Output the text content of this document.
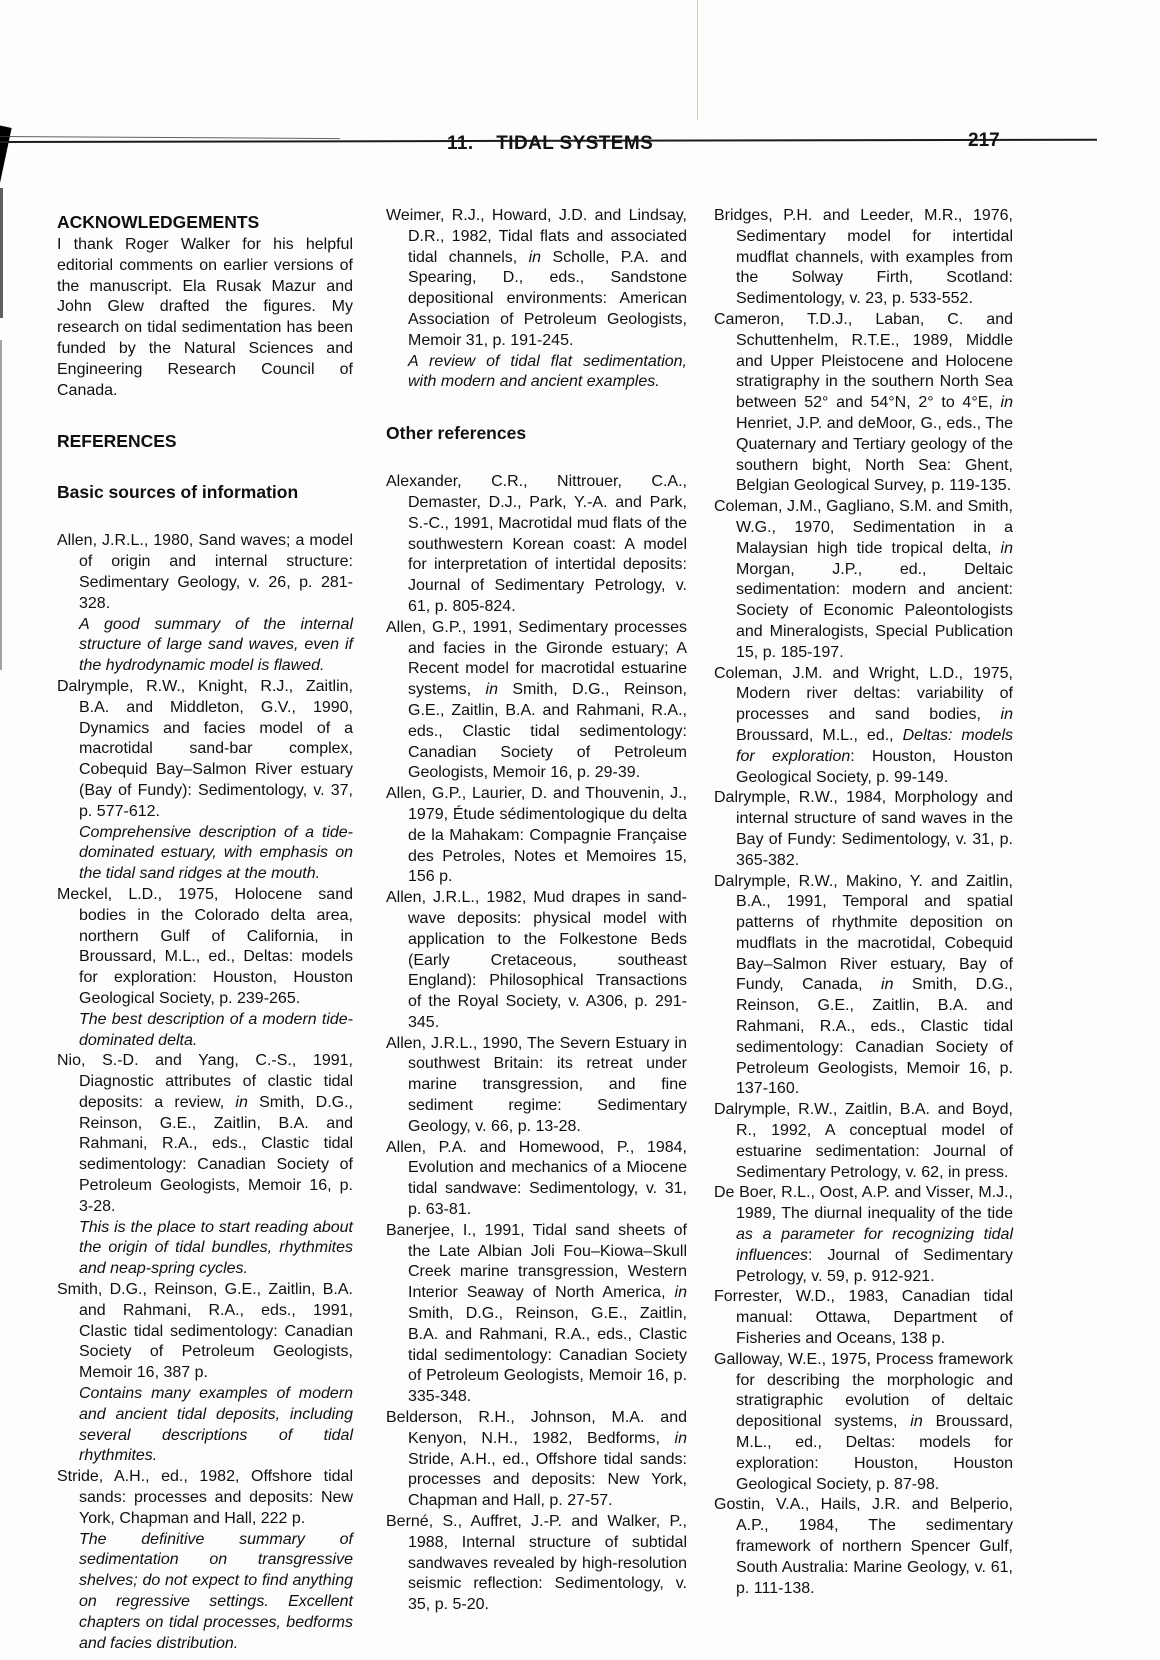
11.    TIDAL SYSTEMS	217
ACKNOWLEDGEMENTS
I thank Roger Walker for his helpful editorial comments on earlier versions of the manuscript. Ela Rusak Mazur and John Glew drafted the figures. My research on tidal sedimentation has been funded by the Natural Sciences and Engineering Research Council of Canada.
REFERENCES
Basic sources of information
Allen, J.R.L., 1980, Sand waves; a model of origin and internal structure: Sedimentary Geology, v. 26, p. 281-328.
A good summary of the internal structure of large sand waves, even if the hydrodynamic model is flawed.
Dalrymple, R.W., Knight, R.J., Zaitlin, B.A. and Middleton, G.V., 1990, Dynamics and facies model of a macrotidal sand-bar complex, Cobequid Bay–Salmon River estuary (Bay of Fundy): Sedimentology, v. 37, p. 577-612.
Comprehensive description of a tide-dominated estuary, with emphasis on the tidal sand ridges at the mouth.
Meckel, L.D., 1975, Holocene sand bodies in the Colorado delta area, northern Gulf of California, in Broussard, M.L., ed., Deltas: models for exploration: Houston, Houston Geological Society, p. 239-265.
The best description of a modern tide-dominated delta.
Nio, S.-D. and Yang, C.-S., 1991, Diagnostic attributes of clastic tidal deposits: a review, in Smith, D.G., Reinson, G.E., Zaitlin, B.A. and Rahmani, R.A., eds., Clastic tidal sedimentology: Canadian Society of Petroleum Geologists, Memoir 16, p. 3-28.
This is the place to start reading about the origin of tidal bundles, rhythmites and neap-spring cycles.
Smith, D.G., Reinson, G.E., Zaitlin, B.A. and Rahmani, R.A., eds., 1991, Clastic tidal sedimentology: Canadian Society of Petroleum Geologists, Memoir 16, 387 p.
Contains many examples of modern and ancient tidal deposits, including several descriptions of tidal rhythmites.
Stride, A.H., ed., 1982, Offshore tidal sands: processes and deposits: New York, Chapman and Hall, 222 p.
The definitive summary of sedimentation on transgressive shelves; do not expect to find anything on regressive settings. Excellent chapters on tidal processes, bedforms and facies distribution.
Weimer, R.J., Howard, J.D. and Lindsay, D.R., 1982, Tidal flats and associated tidal channels, in Scholle, P.A. and Spearing, D., eds., Sandstone depositional environments: American Association of Petroleum Geologists, Memoir 31, p. 191-245.
A review of tidal flat sedimentation, with modern and ancient examples.
Other references
Alexander, C.R., Nittrouer, C.A., Demaster, D.J., Park, Y.-A. and Park, S.-C., 1991, Macrotidal mud flats of the southwestern Korean coast: A model for interpretation of intertidal deposits: Journal of Sedimentary Petrology, v. 61, p. 805-824.
Allen, G.P., 1991, Sedimentary processes and facies in the Gironde estuary; A Recent model for macrotidal estuarine systems, in Smith, D.G., Reinson, G.E., Zaitlin, B.A. and Rahmani, R.A., eds., Clastic tidal sedimentology: Canadian Society of Petroleum Geologists, Memoir 16, p. 29-39.
Allen, G.P., Laurier, D. and Thouvenin, J., 1979, Étude sédimentologique du delta de la Mahakam: Compagnie Française des Petroles, Notes et Memoires 15, 156 p.
Allen, J.R.L., 1982, Mud drapes in sand-wave deposits: physical model with application to the Folkestone Beds (Early Cretaceous, southeast England): Philosophical Transactions of the Royal Society, v. A306, p. 291-345.
Allen, J.R.L., 1990, The Severn Estuary in southwest Britain: its retreat under marine transgression, and fine sediment regime: Sedimentary Geology, v. 66, p. 13-28.
Allen, P.A. and Homewood, P., 1984, Evolution and mechanics of a Miocene tidal sandwave: Sedimentology, v. 31, p. 63-81.
Banerjee, I., 1991, Tidal sand sheets of the Late Albian Joli Fou–Kiowa–Skull Creek marine transgression, Western Interior Seaway of North America, in Smith, D.G., Reinson, G.E., Zaitlin, B.A. and Rahmani, R.A., eds., Clastic tidal sedimentology: Canadian Society of Petroleum Geologists, Memoir 16, p. 335-348.
Belderson, R.H., Johnson, M.A. and Kenyon, N.H., 1982, Bedforms, in Stride, A.H., ed., Offshore tidal sands: processes and deposits: New York, Chapman and Hall, p. 27-57.
Berné, S., Auffret, J.-P. and Walker, P., 1988, Internal structure of subtidal sandwaves revealed by high-resolution seismic reflection: Sedimentology, v. 35, p. 5-20.
Bridges, P.H. and Leeder, M.R., 1976, Sedimentary model for intertidal mudflat channels, with examples from the Solway Firth, Scotland: Sedimentology, v. 23, p. 533-552.
Cameron, T.D.J., Laban, C. and Schuttenhelm, R.T.E., 1989, Middle and Upper Pleistocene and Holocene stratigraphy in the southern North Sea between 52° and 54°N, 2° to 4°E, in Henriet, J.P. and deMoor, G., eds., The Quaternary and Tertiary geology of the southern bight, North Sea: Ghent, Belgian Geological Survey, p. 119-135.
Coleman, J.M., Gagliano, S.M. and Smith, W.G., 1970, Sedimentation in a Malaysian high tide tropical delta, in Morgan, J.P., ed., Deltaic sedimentation: modern and ancient: Society of Economic Paleontologists and Mineralogists, Special Publication 15, p. 185-197.
Coleman, J.M. and Wright, L.D., 1975, Modern river deltas: variability of processes and sand bodies, in Broussard, M.L., ed., Deltas: models for exploration: Houston, Houston Geological Society, p. 99-149.
Dalrymple, R.W., 1984, Morphology and internal structure of sand waves in the Bay of Fundy: Sedimentology, v. 31, p. 365-382.
Dalrymple, R.W., Makino, Y. and Zaitlin, B.A., 1991, Temporal and spatial patterns of rhythmite deposition on mudflats in the macrotidal, Cobequid Bay–Salmon River estuary, Bay of Fundy, Canada, in Smith, D.G., Reinson, G.E., Zaitlin, B.A. and Rahmani, R.A., eds., Clastic tidal sedimentology: Canadian Society of Petroleum Geologists, Memoir 16, p. 137-160.
Dalrymple, R.W., Zaitlin, B.A. and Boyd, R., 1992, A conceptual model of estuarine sedimentation: Journal of Sedimentary Petrology, v. 62, in press.
De Boer, R.L., Oost, A.P. and Visser, M.J., 1989, The diurnal inequality of the tide as a parameter for recognizing tidal influences: Journal of Sedimentary Petrology, v. 59, p. 912-921.
Forrester, W.D., 1983, Canadian tidal manual: Ottawa, Department of Fisheries and Oceans, 138 p.
Galloway, W.E., 1975, Process framework for describing the morphologic and stratigraphic evolution of deltaic depositional systems, in Broussard, M.L., ed., Deltas: models for exploration: Houston, Houston Geological Society, p. 87-98.
Gostin, V.A., Hails, J.R. and Belperio, A.P., 1984, The sedimentary framework of northern Spencer Gulf, South Australia: Marine Geology, v. 61, p. 111-138.
